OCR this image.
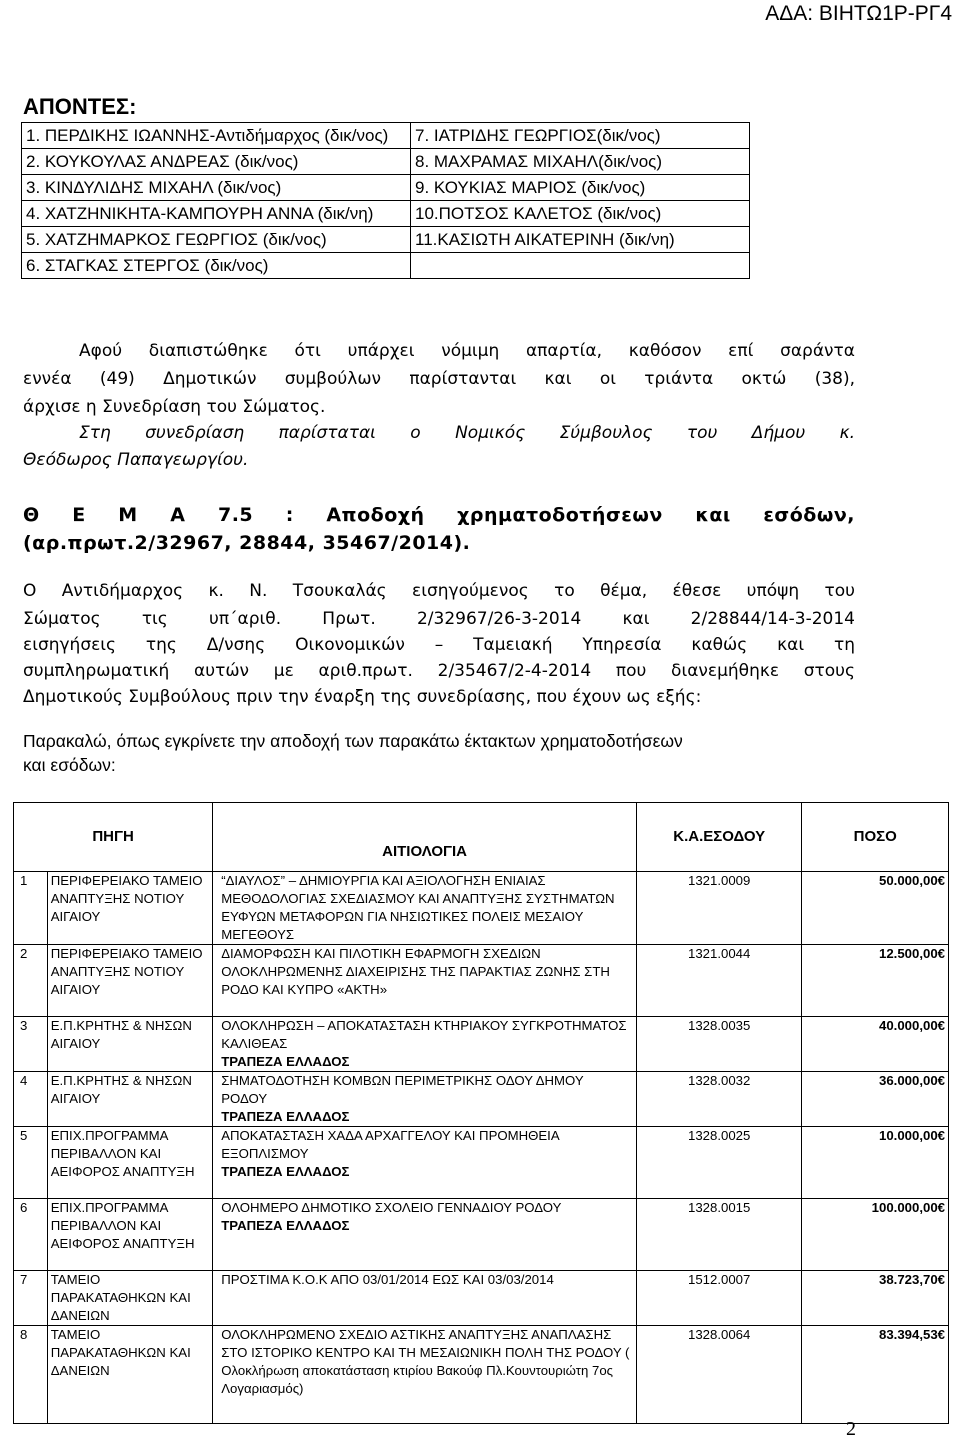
ΑΔΑ: ΒΙΗΤΩ1Ρ-ΡΓ4
ΑΠΟΝΤΕΣ:
1. ΠΕΡΔΙΚΗΣ ΙΩΑΝΝΗΣ-Αντιδήμαρχος (δικ/νος)	7. ΙΑΤΡΙΔΗΣ ΓΕΩΡΓΙΟΣ(δικ/νος)
2. ΚΟΥΚΟΥΛΑΣ ΑΝΔΡΕΑΣ (δικ/νος)	8. ΜΑΧΡΑΜΑΣ ΜΙΧΑΗΛ(δικ/νος)
3. ΚΙΝΔΥΛΙΔΗΣ ΜΙΧΑΗΛ (δικ/νος)	9. ΚΟΥΚΙΑΣ ΜΑΡΙΟΣ (δικ/νος)
4. ΧΑΤΖΗΝΙΚΗΤΑ-ΚΑΜΠΟΥΡΗ ΑΝΝΑ (δικ/νη)	10.ΠΟΤΣΟΣ ΚΑΛΕΤΟΣ (δικ/νος)
5. ΧΑΤΖΗΜΑΡΚΟΣ ΓΕΩΡΓΙΟΣ (δικ/νος)	11.ΚΑΣΙΩΤΗ ΑΙΚΑΤΕΡΙΝΗ (δικ/νη)
6. ΣΤΑΓΚΑΣ ΣΤΕΡΓΟΣ (δικ/νος)	

Αφού διαπιστώθηκε ότι υπάρχει νόμιμη απαρτία, καθόσον επί σαράντα

εννέα (49) Δημοτικών συμβούλων παρίστανται και οι τριάντα οκτώ (38),

άρχισε η Συνεδρίαση του Σώματος.

Στη συνεδρίαση παρίσταται ο Νομικός Σύμβουλος του Δήμου κ.

Θεόδωρος Παπαγεωργίου.

Θ Ε Μ Α 7.5 : Αποδοχή χρηματοδοτήσεων και εσόδων,

(αρ.πρωτ.2/32967, 28844, 35467/2014).

Ο Αντιδήμαρχος κ. Ν. Τσουκαλάς εισηγούμενος το θέμα, έθεσε υπόψη του

Σώματος τις υπ΄αριθ. Πρωτ. 2/32967/26-3-2014 και 2/28844/14-3-2014

εισηγήσεις της Δ/νσης Οικονομικών – Ταμειακή Υπηρεσία καθώς και τη

συμπληρωματική αυτών με αριθ.πρωτ. 2/35467/2-4-2014 που διανεμήθηκε στους

Δημοτικούς Συμβούλους πριν την έναρξη της συνεδρίασης, που έχουν ως εξής:

Παρακαλώ, όπως εγκρίνετε την αποδοχή των παρακάτω έκτακτων χρηματοδοτήσεων

και εσόδων:

ΠΗΓΗ		ΑΙΤΙΟΛΟΓΙΑ	Κ.Α.ΕΣΟΔΟΥ	ΠΟΣΟ
1	ΠΕΡΙΦΕΡΕΙΑΚΟ ΤΑΜΕΙΟ ΑΝΑΠΤΥΞΗΣ ΝΟΤΙΟΥ ΑΙΓΑΙΟΥ	“ΔΙΑΥΛΟΣ” – ΔΗΜΙΟΥΡΓΙΑ ΚΑΙ ΑΞΙΟΛΟΓΗΣΗ ΕΝΙΑΙΑΣ ΜΕΘΟΔΟΛΟΓΙΑΣ ΣΧΕΔΙΑΣΜΟΥ ΚΑΙ ΑΝΑΠΤΥΞΗΣ ΣΥΣΤΗΜΑΤΩΝ ΕΥΦΥΩΝ ΜΕΤΑΦΟΡΩΝ ΓΙΑ ΝΗΣΙΩΤΙΚΕΣ ΠΟΛΕΙΣ ΜΕΣΑΙΟΥ ΜΕΓΕΘΟΥΣ	1321.0009	50.000,00€
2	ΠΕΡΙΦΕΡΕΙΑΚΟ ΤΑΜΕΙΟ ΑΝΑΠΤΥΞΗΣ ΝΟΤΙΟΥ ΑΙΓΑΙΟΥ	ΔΙΑΜΟΡΦΩΣΗ ΚΑΙ ΠΙΛΟΤΙΚΗ ΕΦΑΡΜΟΓΗ ΣΧΕΔΙΩΝ ΟΛΟΚΛΗΡΩΜΕΝΗΣ ΔΙΑΧΕΙΡΙΣΗΣ ΤΗΣ ΠΑΡΑΚΤΙΑΣ ΖΩΝΗΣ ΣΤΗ ΡΟΔΟ ΚΑΙ ΚΥΠΡΟ «ΑΚΤΗ»	1321.0044	12.500,00€
3	Ε.Π.ΚΡΗΤΗΣ & ΝΗΣΩΝ ΑΙΓΑΙΟΥ	ΟΛΟΚΛΗΡΩΣΗ – ΑΠΟΚΑΤΑΣΤΑΣΗ ΚΤΗΡΙΑΚΟΥ ΣΥΓΚΡΟΤΗΜΑΤΟΣ ΚΑΛΙΘΕΑΣ
ΤΡΑΠΕΖΑ ΕΛΛΑΔΟΣ	1328.0035	40.000,00€
4	Ε.Π.ΚΡΗΤΗΣ & ΝΗΣΩΝ ΑΙΓΑΙΟΥ	ΣΗΜΑΤΟΔΟΤΗΣΗ ΚΟΜΒΩΝ ΠΕΡΙΜΕΤΡΙΚΗΣ ΟΔΟΥ ΔΗΜΟΥ ΡΟΔΟΥ
ΤΡΑΠΕΖΑ ΕΛΛΑΔΟΣ	1328.0032	36.000,00€
5	ΕΠΙΧ.ΠΡΟΓΡΑΜΜΑ ΠΕΡΙΒΑΛΛΟΝ ΚΑΙ ΑΕΙΦΟΡΟΣ ΑΝΑΠΤΥΞΗ	ΑΠΟΚΑΤΑΣΤΑΣΗ ΧΑΔΑ ΑΡΧΑΓΓΕΛΟΥ ΚΑΙ ΠΡΟΜΗΘΕΙΑ ΕΞΟΠΛΙΣΜΟΥ
ΤΡΑΠΕΖΑ ΕΛΛΑΔΟΣ	1328.0025	10.000,00€
6	ΕΠΙΧ.ΠΡΟΓΡΑΜΜΑ ΠΕΡΙΒΑΛΛΟΝ ΚΑΙ ΑΕΙΦΟΡΟΣ ΑΝΑΠΤΥΞΗ	ΟΛΟΗΜΕΡΟ ΔΗΜΟΤΙΚΟ ΣΧΟΛΕΙΟ ΓΕΝΝΑΔΙΟΥ ΡΟΔΟΥ
ΤΡΑΠΕΖΑ ΕΛΛΑΔΟΣ	1328.0015	100.000,00€
7	ΤΑΜΕΙΟ ΠΑΡΑΚΑΤΑΘΗΚΩΝ ΚΑΙ ΔΑΝΕΙΩΝ	ΠΡΟΣΤΙΜΑ Κ.Ο.Κ ΑΠΟ 03/01/2014 ΕΩΣ ΚΑΙ 03/03/2014	1512.0007	38.723,70€
8	ΤΑΜΕΙΟ ΠΑΡΑΚΑΤΑΘΗΚΩΝ ΚΑΙ ΔΑΝΕΙΩΝ	ΟΛΟΚΛΗΡΩΜΕΝΟ ΣΧΕΔΙΟ ΑΣΤΙΚΗΣ ΑΝΑΠΤΥΞΗΣ ΑΝΑΠΛΑΣΗΣ ΣΤΟ ΙΣΤΟΡΙΚΟ ΚΕΝΤΡΟ ΚΑΙ ΤΗ ΜΕΣΑΙΩΝΙΚΗ ΠΟΛΗ ΤΗΣ ΡΟΔΟΥ ( Ολοκλήρωση αποκατάσταση κτιρίου Βακούφ Πλ.Κουντουριώτη 7ος Λογαριασμός)	1328.0064	83.394,53€
2
